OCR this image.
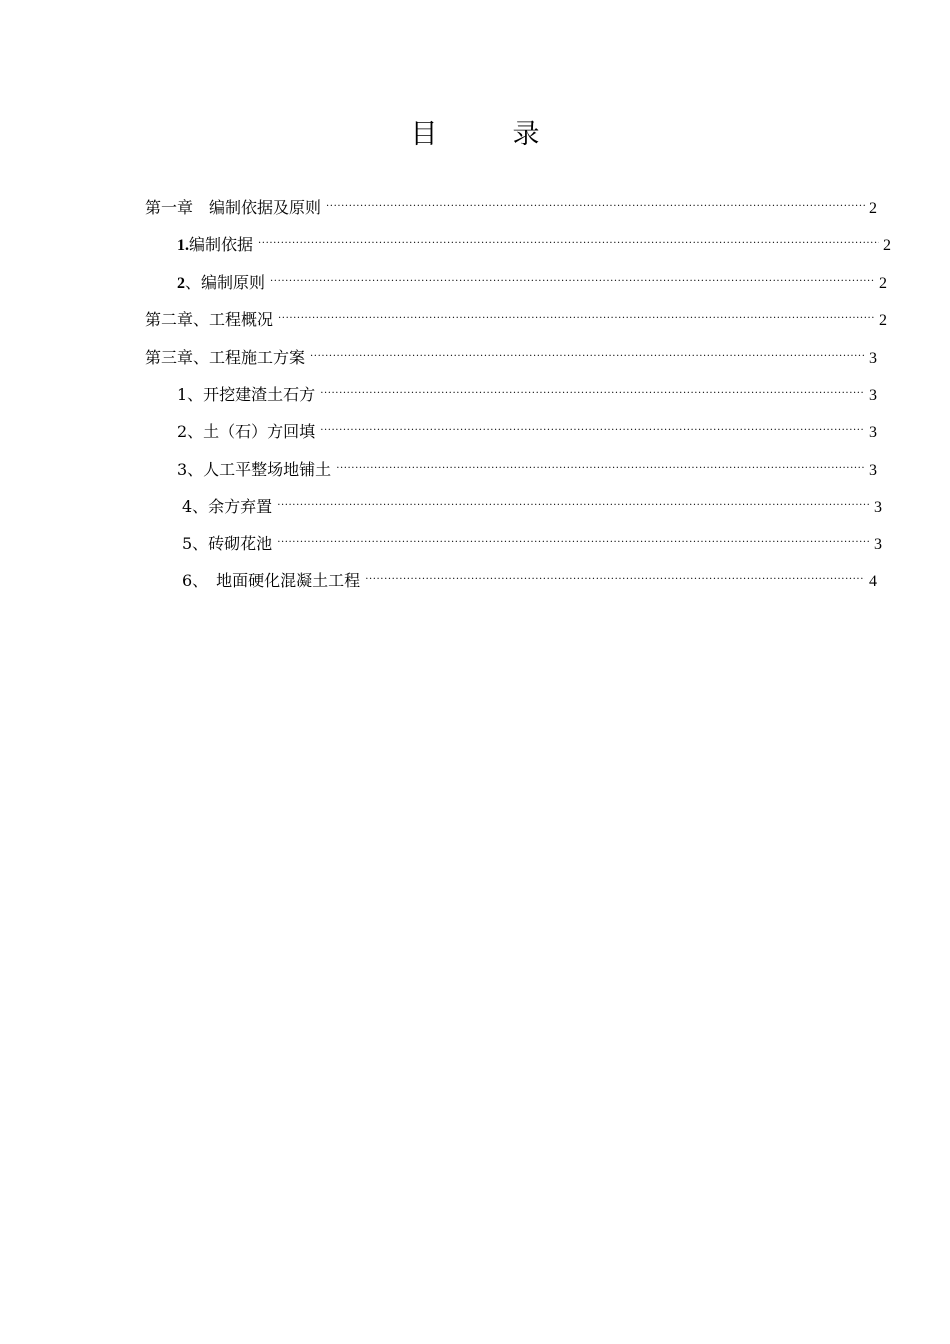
目　录
第一章　编制依据及原则 .....	2
1.编制依据 .....	2
2、编制原则 .....	2
第二章、工程概况 .....	2
第三章、工程施工方案 .....	3
1、开挖建渣土石方 .....	3
2、土（石）方回填 .....	3
3、人工平整场地铺土 .....	3
4、余方弃置 .....	3
5、砖砌花池 .....	3
6、　地面硬化混凝土工程 .....	4
